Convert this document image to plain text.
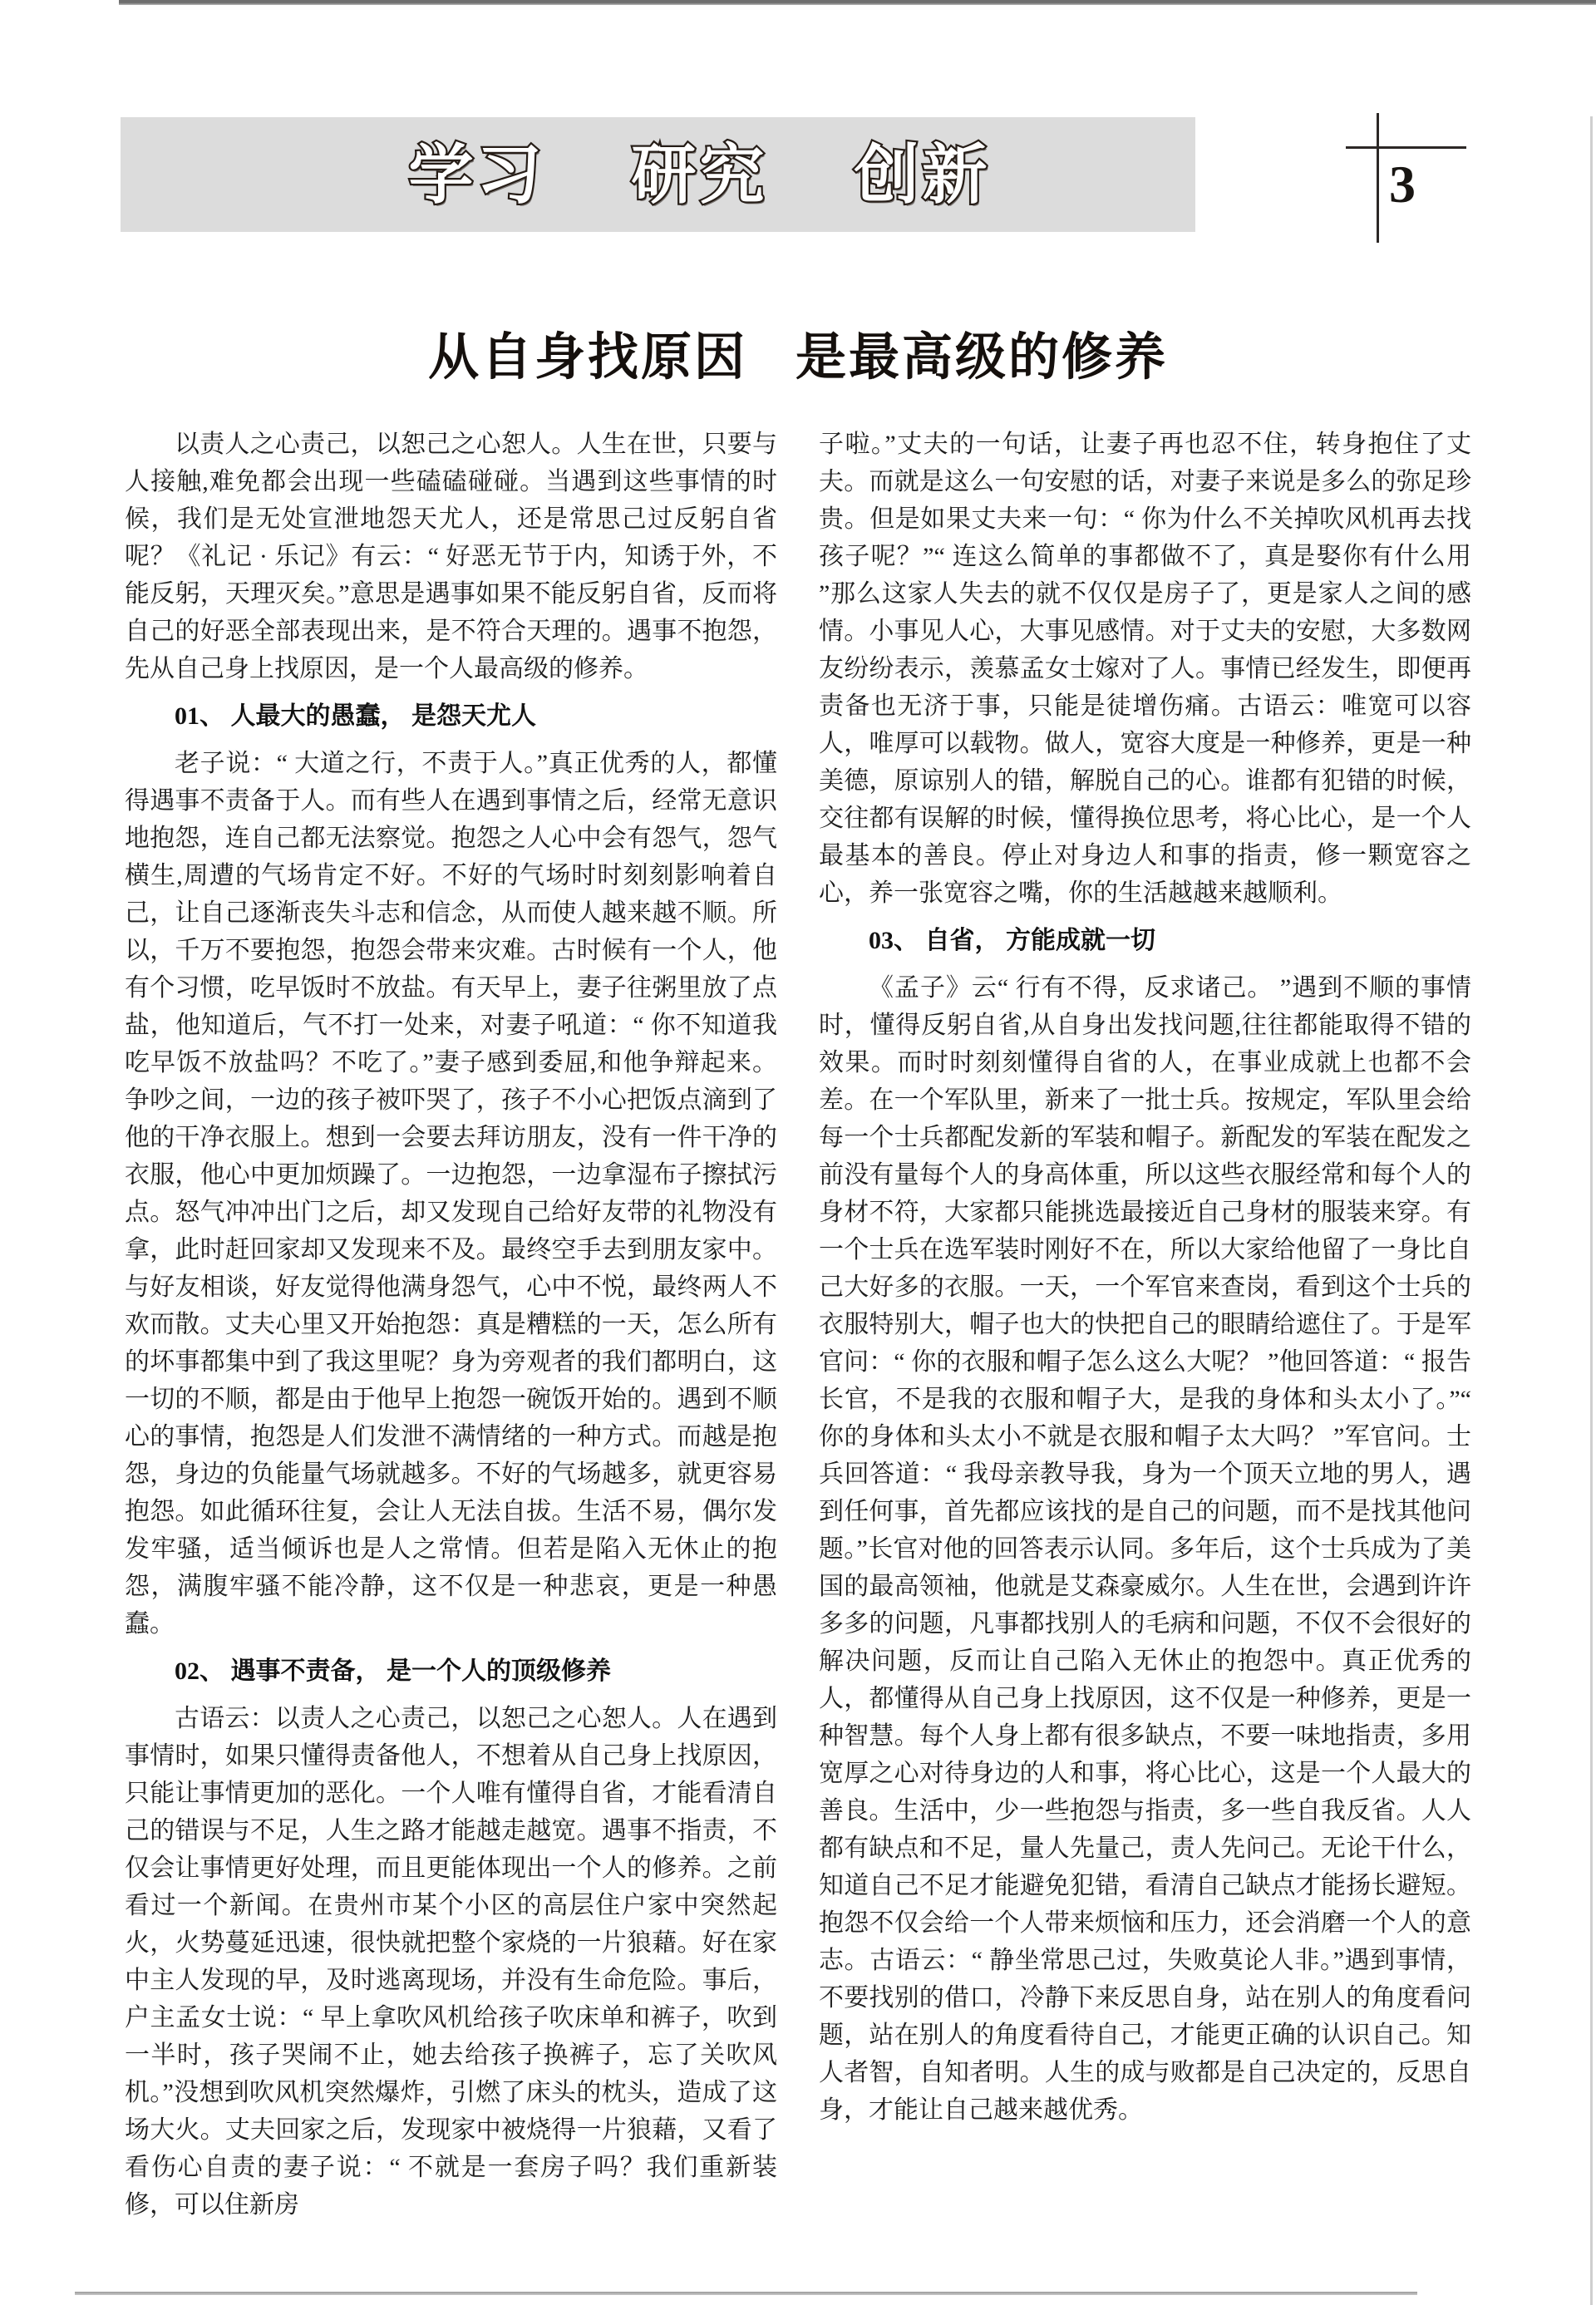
学习 研究 创新	3
从自身找原因 是最高级的修养

以责人之心责己，以恕己之心恕人。人生在世，只要与人接触,难免都会出现一些磕磕碰碰。当遇到这些事情的时候，我们是无处宣泄地怨天尤人，还是常思己过反躬自省呢？《礼记 · 乐记》有云：“ 好恶无节于内，知诱于外，不能反躬，天理灭矣。”意思是遇事如果不能反躬自省，反而将自己的好恶全部表现出来，是不符合天理的。遇事不抱怨，先从自己身上找原因，是一个人最高级的修养。

01、 人最大的愚蠢， 是怨天尤人

老子说：“ 大道之行，不责于人。”真正优秀的人，都懂得遇事不责备于人。而有些人在遇到事情之后，经常无意识地抱怨，连自己都无法察觉。抱怨之人心中会有怨气，怨气横生,周遭的气场肯定不好。不好的气场时时刻刻影响着自己，让自己逐渐丧失斗志和信念，从而使人越来越不顺。所以，千万不要抱怨，抱怨会带来灾难。古时候有一个人，他有个习惯，吃早饭时不放盐。有天早上，妻子往粥里放了点盐，他知道后，气不打一处来，对妻子吼道：“ 你不知道我吃早饭不放盐吗？不吃了。”妻子感到委屈,和他争辩起来。争吵之间，一边的孩子被吓哭了，孩子不小心把饭点滴到了他的干净衣服上。想到一会要去拜访朋友，没有一件干净的衣服，他心中更加烦躁了。一边抱怨，一边拿湿布子擦拭污点。怒气冲冲出门之后，却又发现自己给好友带的礼物没有拿，此时赶回家却又发现来不及。最终空手去到朋友家中。与好友相谈，好友觉得他满身怨气，心中不悦，最终两人不欢而散。丈夫心里又开始抱怨：真是糟糕的一天，怎么所有的坏事都集中到了我这里呢？身为旁观者的我们都明白，这一切的不顺，都是由于他早上抱怨一碗饭开始的。遇到不顺心的事情，抱怨是人们发泄不满情绪的一种方式。而越是抱怨，身边的负能量气场就越多。不好的气场越多，就更容易抱怨。如此循环往复，会让人无法自拔。生活不易，偶尔发发牢骚，适当倾诉也是人之常情。但若是陷入无休止的抱怨，满腹牢骚不能冷静，这不仅是一种悲哀，更是一种愚蠢。

02、 遇事不责备， 是一个人的顶级修养

古语云：以责人之心责己，以恕己之心恕人。人在遇到事情时，如果只懂得责备他人，不想着从自己身上找原因，只能让事情更加的恶化。一个人唯有懂得自省，才能看清自己的错误与不足，人生之路才能越走越宽。遇事不指责，不仅会让事情更好处理，而且更能体现出一个人的修养。之前看过一个新闻。在贵州市某个小区的高层住户家中突然起火，火势蔓延迅速，很快就把整个家烧的一片狼藉。好在家中主人发现的早，及时逃离现场，并没有生命危险。事后，户主孟女士说：“ 早上拿吹风机给孩子吹床单和裤子，吹到一半时，孩子哭闹不止，她去给孩子换裤子，忘了关吹风机。”没想到吹风机突然爆炸，引燃了床头的枕头，造成了这场大火。丈夫回家之后，发现家中被烧得一片狼藉，又看了看伤心自责的妻子说：“ 不就是一套房子吗？我们重新装修，可以住新房

子啦。”丈夫的一句话，让妻子再也忍不住，转身抱住了丈夫。而就是这么一句安慰的话，对妻子来说是多么的弥足珍贵。但是如果丈夫来一句：“ 你为什么不关掉吹风机再去找孩子呢？”“ 连这么简单的事都做不了，真是娶你有什么用 ”那么这家人失去的就不仅仅是房子了，更是家人之间的感情。小事见人心，大事见感情。对于丈夫的安慰，大多数网友纷纷表示，羡慕孟女士嫁对了人。事情已经发生，即便再责备也无济于事，只能是徒增伤痛。古语云：唯宽可以容人，唯厚可以载物。做人，宽容大度是一种修养，更是一种美德，原谅别人的错，解脱自己的心。谁都有犯错的时候，交往都有误解的时候，懂得换位思考，将心比心，是一个人最基本的善良。停止对身边人和事的指责，修一颗宽容之心，养一张宽容之嘴，你的生活越越来越顺利。

03、 自省， 方能成就一切

《孟子》云“ 行有不得，反求诸己。 ”遇到不顺的事情时，懂得反躬自省,从自身出发找问题,往往都能取得不错的效果。而时时刻刻懂得自省的人，在事业成就上也都不会差。在一个军队里，新来了一批士兵。按规定，军队里会给每一个士兵都配发新的军装和帽子。新配发的军装在配发之前没有量每个人的身高体重，所以这些衣服经常和每个人的身材不符，大家都只能挑选最接近自己身材的服装来穿。有一个士兵在选军装时刚好不在，所以大家给他留了一身比自己大好多的衣服。一天，一个军官来查岗，看到这个士兵的衣服特别大，帽子也大的快把自己的眼睛给遮住了。于是军官问：“ 你的衣服和帽子怎么这么大呢？ ”他回答道：“ 报告长官，不是我的衣服和帽子大，是我的身体和头太小了。”“ 你的身体和头太小不就是衣服和帽子太大吗？ ”军官问。士兵回答道：“ 我母亲教导我，身为一个顶天立地的男人，遇到任何事，首先都应该找的是自己的问题，而不是找其他问题。”长官对他的回答表示认同。多年后，这个士兵成为了美国的最高领袖，他就是艾森豪威尔。人生在世，会遇到许许多多的问题，凡事都找别人的毛病和问题，不仅不会很好的解决问题，反而让自己陷入无休止的抱怨中。真正优秀的人，都懂得从自己身上找原因，这不仅是一种修养，更是一种智慧。每个人身上都有很多缺点，不要一味地指责，多用宽厚之心对待身边的人和事，将心比心，这是一个人最大的善良。生活中，少一些抱怨与指责，多一些自我反省。人人都有缺点和不足，量人先量己，责人先问己。无论干什么，知道自己不足才能避免犯错，看清自己缺点才能扬长避短。抱怨不仅会给一个人带来烦恼和压力，还会消磨一个人的意志。古语云：“ 静坐常思己过，失败莫论人非。”遇到事情，不要找别的借口，冷静下来反思自身，站在别人的角度看问题，站在别人的角度看待自己，才能更正确的认识自己。知人者智，自知者明。人生的成与败都是自己决定的，反思自身，才能让自己越来越优秀。
